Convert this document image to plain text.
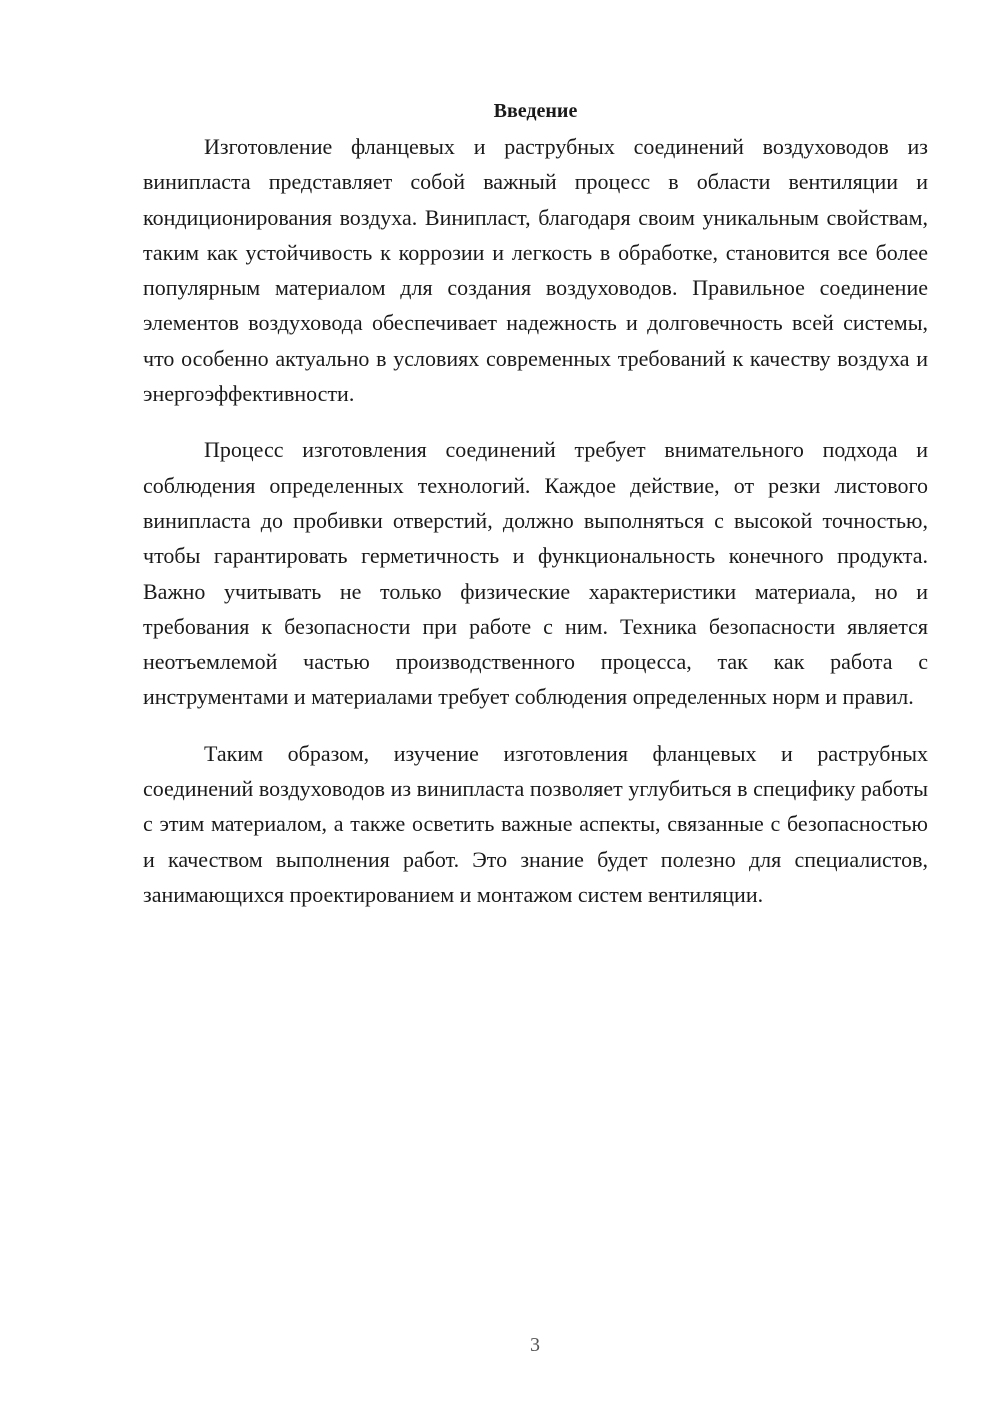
Введение

Изготовление фланцевых и раструбных соединений воздуховодов из винипласта представляет собой важный процесс в области вентиляции и кондиционирования воздуха. Винипласт, благодаря своим уникальным свойствам, таким как устойчивость к коррозии и легкость в обработке, становится все более популярным материалом для создания воздуховодов. Правильное соединение элементов воздуховода обеспечивает надежность и долговечность всей системы, что особенно актуально в условиях современных требований к качеству воздуха и энергоэффективности.

Процесс изготовления соединений требует внимательного подхода и соблюдения определенных технологий. Каждое действие, от резки листового винипласта до пробивки отверстий, должно выполняться с высокой точностью, чтобы гарантировать герметичность и функциональность конечного продукта. Важно учитывать не только физические характеристики материала, но и требования к безопасности при работе с ним. Техника безопасности является неотъемлемой частью производственного процесса, так как работа с инструментами и материалами требует соблюдения определенных норм и правил.

Таким образом, изучение изготовления фланцевых и раструбных соединений воздуховодов из винипласта позволяет углубиться в специфику работы с этим материалом, а также осветить важные аспекты, связанные с безопасностью и качеством выполнения работ. Это знание будет полезно для специалистов, занимающихся проектированием и монтажом систем вентиляции.

3
